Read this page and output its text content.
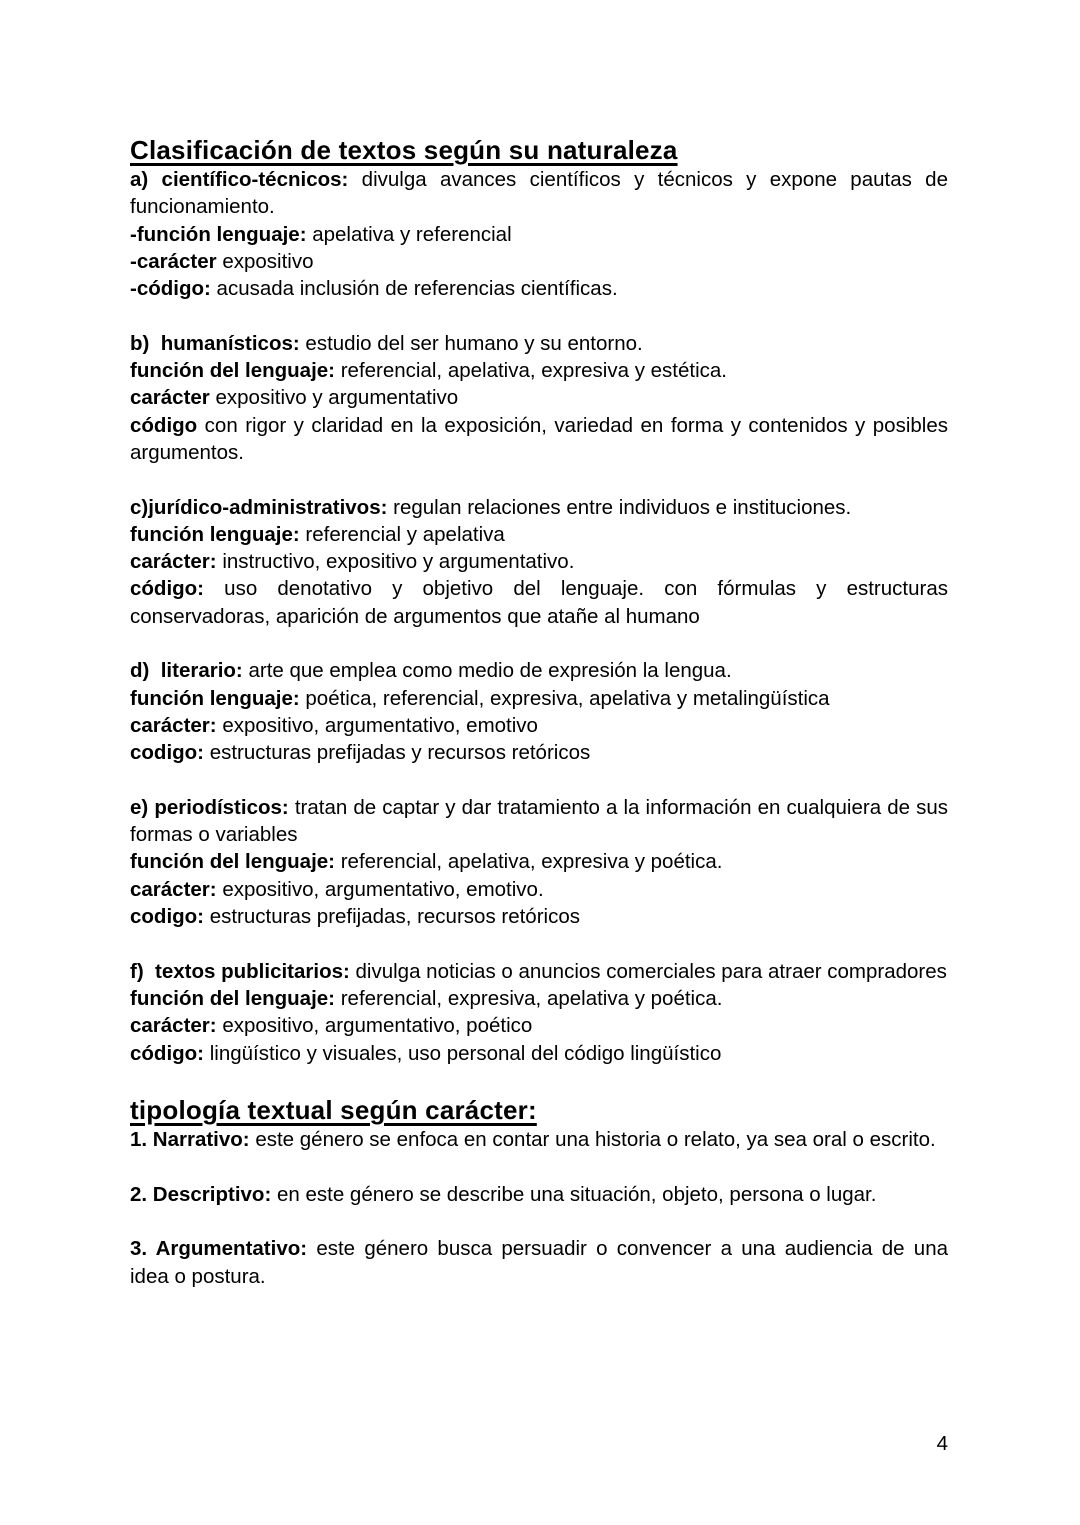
Clasificación de textos según su naturaleza

a) científico-técnicos: divulga avances científicos y técnicos y expone pautas de funcionamiento.

-función lenguaje: apelativa y referencial

-carácter expositivo

-código: acusada inclusión de referencias científicas.

b)  humanísticos: estudio del ser humano y su entorno.

función del lenguaje: referencial, apelativa, expresiva y estética.

carácter expositivo y argumentativo

código con rigor y claridad en la exposición, variedad en forma y contenidos y posibles argumentos.

c)jurídico-administrativos: regulan relaciones entre individuos e instituciones.

función lenguaje: referencial y apelativa

carácter: instructivo, expositivo y argumentativo.

código: uso denotativo y objetivo del lenguaje. con fórmulas y estructuras conservadoras, aparición de argumentos que atañe al humano

d)  literario: arte que emplea como medio de expresión la lengua.

función lenguaje: poética, referencial, expresiva, apelativa y metalingüística

carácter: expositivo, argumentativo, emotivo

codigo: estructuras prefijadas y recursos retóricos

e) periodísticos: tratan de captar y dar tratamiento a la información en cualquiera de sus formas o variables

función del lenguaje: referencial, apelativa, expresiva y poética.

carácter: expositivo, argumentativo, emotivo.

codigo: estructuras prefijadas, recursos retóricos

f)  textos publicitarios: divulga noticias o anuncios comerciales para atraer compradores

función del lenguaje: referencial, expresiva, apelativa y poética.

carácter: expositivo, argumentativo, poético

código: lingüístico y visuales, uso personal del código lingüístico

tipología textual según carácter:

1. Narrativo: este género se enfoca en contar una historia o relato, ya sea oral o escrito.

2. Descriptivo: en este género se describe una situación, objeto, persona o lugar.

3. Argumentativo: este género busca persuadir o convencer a una audiencia de una idea o postura.

4
